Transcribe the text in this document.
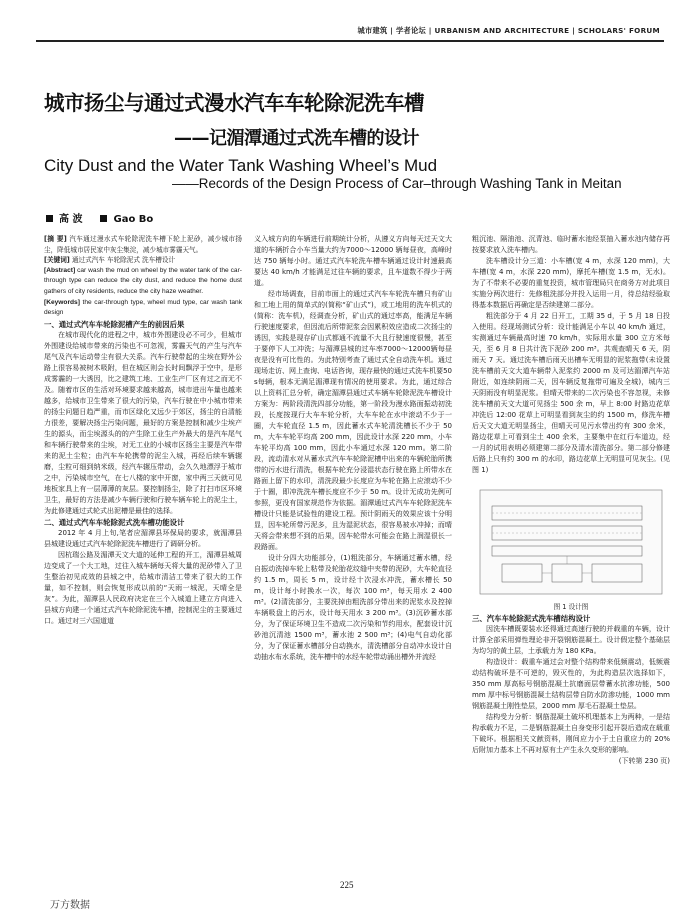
城市建筑 | 学者论坛 | URBANISM AND ARCHITECTURE | SCHOLARS' FORUM
城市扬尘与通过式漫水汽车车轮除泥洗车槽
——记湄潭通过式洗车槽的设计
City Dust and the Water Tank Washing Wheel’s Mud
——Records of the Design Process of Car–through Washing Tank in Meitan
高 波	Gao Bo

[摘 要] 汽车通过漫水式车轮除泥洗车槽下轮上泥砂，减少城市扬尘，降低城市居民家中灰尘集淀，减少城市雾霾天气。

[关键词] 通过式汽车 车轮除泥式 洗车槽设计

[Abstract] car wash the mud on wheel by the water tank of the car-through type can reduce the city dust, and reduce the home dust gathers of city residents, reduce the city haze weather.

[Keywords] the car-through type, wheel mud type, car wash tank design

一、通过式汽车车轮除泥槽产生的前因后果

在城市现代化的进程之中，城市外围建设必不可少，但城市外围建设给城市带来的污染也不可忽视，雾霾天气的产生与汽车尾气及汽车运动带尘有很大关系。汽车行驶带起的尘埃在野外公路上很容易被树木吸附，但在城区则会长时间飘浮于空中，是形成雾霾的一大诱因，比之建筑工地、工业生产厂区有过之而无不及。随着市区的生活对环境要求越来越高，城市进出车量也越来越多，给城市卫生带来了很大的污染，汽车行驶在中小城市带来的扬尘问题日趋严重，而市区绿化又远少于郊区，扬尘的自清能力很差，要解决扬尘污染问题，最好的方案是控制和减少尘埃产生的源头，而尘埃源头的的产生除工业生产外最大的是汽车尾气和车辆行驶带来的尘埃，对无工业的小城市区扬尘主要是汽车带来的泥土尘粒；由汽车车轮携带的泥尘入城，再经后续车辆辗磨，尘粒可细到纳米级，经汽车辗压带动，会久久地漂浮于城市之中，污染城市空气，在七八楼的家中开窗，家中两三天就可见地板家具上有一层薄薄的灰层。要控制扬尘，除了打扫市区环境卫生，最好的方法是减少车辆行驶和行驶车辆车轮上的泥尘土，为此修建通过式轮式出泥槽是最佳的选择。

二、通过式汽车车轮除泥式洗车槽功能设计

2012 年 4 月上旬,笔者应湄潭县环保局的要求，就湄潭县县城建设通过式汽车轮除泥洗车槽进行了调研分析。

因杭瑞公路及湄潭天文大道的延伸工程的开工，湄潭县城周边变成了一个大工地，过往入城车辆每天将大量的泥砂带入了卫生整治初见成效的县城之中，给城市清洁工带来了很大的工作量，如不控制，则会恢复形成以前的“天雨一城泥，天晴全是灰”。为此，湄潭县人民政府决定在三个入城道上建立方向进入县城方向建一个通过式汽车轮除泥洗车槽，控制泥尘的主要通过口。通过对三六国道道

义入城方向的车辆进行前期统计分析，从遵义方向每天过天文大道的车辆折合小车当量大约为7000～12000 辆每昼夜，高峰时达 750 辆每小时。通过式汽车轮洗车槽车辆通过设计时速最高要达 40 km/h 才能满足过往车辆的要求，且车道数不得少于两道。

经市场调查，目前市面上的通过式汽车车轮洗车槽只有矿山和工地上用的简单式的(简称“矿山式”)，或工地用的洗车机式的(简称：洗车机)，经调查分析，矿山式的通过率高，能满足车辆行驶速度要求，但因流后所带泥浆会因累积效应造成二次扬尘的诱因，实践是现存矿山式都通不流量不大且行驶速度很慢，甚至于要停下人工冲洗；与湄潭县城的过车率7000～12000辆每昼夜是没有可比性的。为此特别考查了通过式全自动洗车机。通过现场走访、网上查询、电话咨询，现存最快的通过式洗车机要50 s每辆，根本无满足湄潭现有情况的使用要求。为此，通过综合以上资料汇总分析，确定湄潭县通过式车辆车轮除泥洗车槽设计方案为：两阶段清洗四部分功能，第一阶段为漫水路面振动初洗段，长度按现行大车车轮分析，大车车轮在水中滚动不少于一圈，大车轮直径 1.5 m，因此蓄水式车轮清洗槽长不少于 50 m，大车车轮平均高 200 mm，因此设计水深 220 mm，小车车轮平均高 100 mm，因此小车通过水深 120 mm。第二阶段，流动清水对从蓄水式汽车车轮除泥槽中出来的车辆轮胎所携带的污水进行清洗，根据车轮充分浸湿状态行驶在路上所带水在路面上留下的水印，清洗段最少长度应为车轮在路上应滚动不少于十圈，即冲洗洗车槽长度应不少于 50 m。设计无成功先例可参照，更没有国家规范作为依据。湄潭通过式汽车车轮除泥洗车槽设计只能是试验性的建设工程。预计阴雨天的效果应该十分明显，因车轮所带污泥多，且为湿泥状态，很容易被水冲掉；而晴天将会带来想不到的后果，因车轮带水可能会在路上润湿很长一段路面。

设计分四大功能部分，(1)粗洗部分，车辆通过蓄水槽，经自振动洗掉车轮上粘带及轮胎花纹缝中夹带的泥砂，大车轮直径约 1.5 m，周长 5 m，设计经十次浸水冲洗，蓄水槽长 50 m，设计每小时换水一次，每次 100 m³，每天用水 2 400 m³。(2)清洗部分，主要洗掉由粗洗部分带出来的泥浆水及控掉车辆吸盘上的污水，设计每天用水 3 200 m³。(3)沉砂蓄水部分，为了保证环境卫生不造成二次污染和节约用水，配套设计沉砂池沉清池 1500 m³，蓄水池 2 500 m³；(4)电气自动化部分，为了保证蓄水槽部分自动换水，清洗槽部分自动冲水设计自动抽水布水系统，洗车槽中的水经车轮带动涌出槽外并流经

粗沉池、隔油池、沉青池、临时蓄水池经泵抽入蓄水池内储存再按要求放入洗车槽内。

洗车槽设计分三道：小车槽(宽 4 m，水深 120 mm)，大车槽(宽 4 m，水深 220 mm)，摩托车槽(宽 1.5 m，无水)。为了不带来不必要的重复投资，城市管理局只在商务方对此项目实施分两次进行：先修粗洗部分并投入运用一月，待总结经验取得基本数据后再确定是否续建第二部分。

粗洗部分于 4 月 22 日开工，工期 35 d，于 5 月 18 日投入使用。经现场测试分析：设计能满足小车以 40 km/h 通过，实测通过车辆最高时速 70 km/h，实际用水量 300 立方米每天，至 6 月 8 日共计洗下泥砂 200 m³。共观查晴天 6 天，阴雨天 7 天。通过洗车槽后雨天出槽车无明显的泥浆拖带(未设置洗车槽前天文大道车辆带入泥浆约 2000 m 及可达湄潭汽车站附近，如连续阴雨二天，因车辆反复拖带可遍及全城)，城内三天阴雨没有明显泥浆。但晴天带来的二次污染也不容忽视，未修洗车槽前天文大道可见扬尘 500 余 m，早上 8:00 时路边花草冲洗后 12:00 花草上可明显看到灰尘的约 1500 m，修洗车槽后天文大道无明显扬尘，但晴天可见污水带出约有 300 余米，路边花草上可看到尘土 400 余米，主要集中在红行车道边，经一月的试用表明必须建第二部分及清水清洗部分。第二部分修建后路上只有约 300 m 的水印，路边花草上无明显可见灰尘。(见图 1)

图 1 设计图

三、汽车车轮除泥式洗车槽结构设计

因洗车槽既要装水还得通过高速行驶的并载重的车辆，设计计算全部采用弹性理论非开裂钢筋混凝土。设计假定整个基础层为均匀的黄土层，土承载力为 180 KPa。

构造设计：载重车通过会对整个结构带来低频震动，低频震动结构破坏是不可逆的，毁灭性的，为此构造层次选择如下，350 mm 厚高标号钢筋混凝土抗磨面层带蓄水抗渗功能，500 mm 厚中标号钢筋混凝土结构层带自防水防渗功能，1000 mm 钢筋混凝土刚性垫层，2000 mm 厚毛石混凝土垫层。

结构受力分析：钢筋混凝土破坏机理基本上为两种，一是结构承载力不足，二是钢筋混凝土自身变形引起开裂后造成在载重下破坏。根据相关文献资料，刚间应力小于土自重应力的 20%后附加力基本上不再对原有土产生永久变形的影响。

(下转第 230 页)

225
万方数据
